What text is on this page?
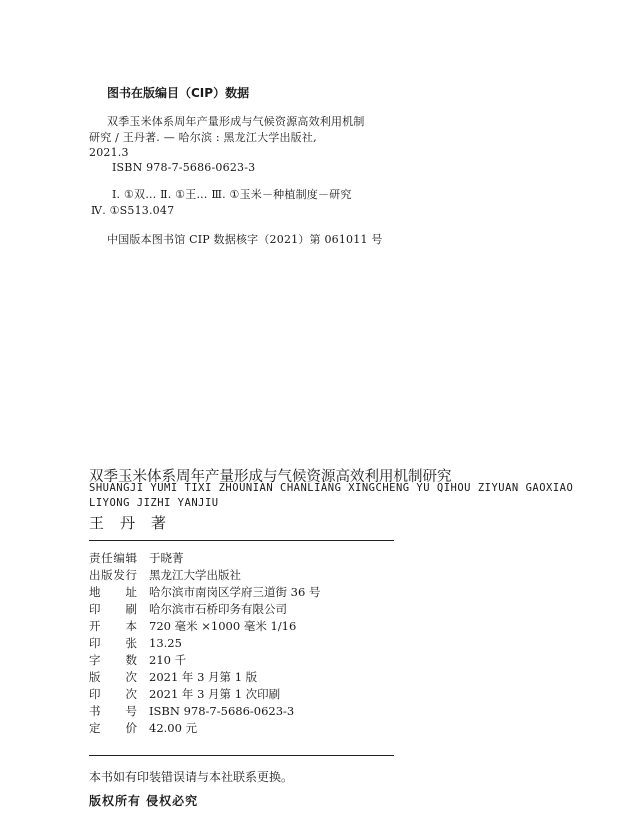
图书在版编目（CIP）数据
双季玉米体系周年产量形成与气候资源高效利用机制
研究 / 王丹著. — 哈尔滨 : 黑龙江大学出版社,
2021.3
ISBN 978-7-5686-0623-3
Ⅰ. ①双… Ⅱ. ①王… Ⅲ. ①玉米－种植制度－研究
Ⅳ. ①S513.047
中国版本图书馆 CIP 数据核字（2021）第 061011 号
双季玉米体系周年产量形成与气候资源高效利用机制研究
SHUANGJI YUMI TIXI ZHOUNIAN CHANLIANG XINGCHENG YU QIHOU ZIYUAN GAOXIAO
LIYONG JIZHI YANJIU
王丹著
责任编辑 于晓菁
出版发行 黑龙江大学出版社
地址 哈尔滨市南岗区学府三道街 36 号
印刷 哈尔滨市石桥印务有限公司
开本 720 毫米 ×1000 毫米 1/16
印张 13.25
字数 210 千
版次 2021 年 3 月第 1 版
印次 2021 年 3 月第 1 次印刷
书号 ISBN 978-7-5686-0623-3
定价 42.00 元
本书如有印装错误请与本社联系更换。
版权所有 侵权必究
